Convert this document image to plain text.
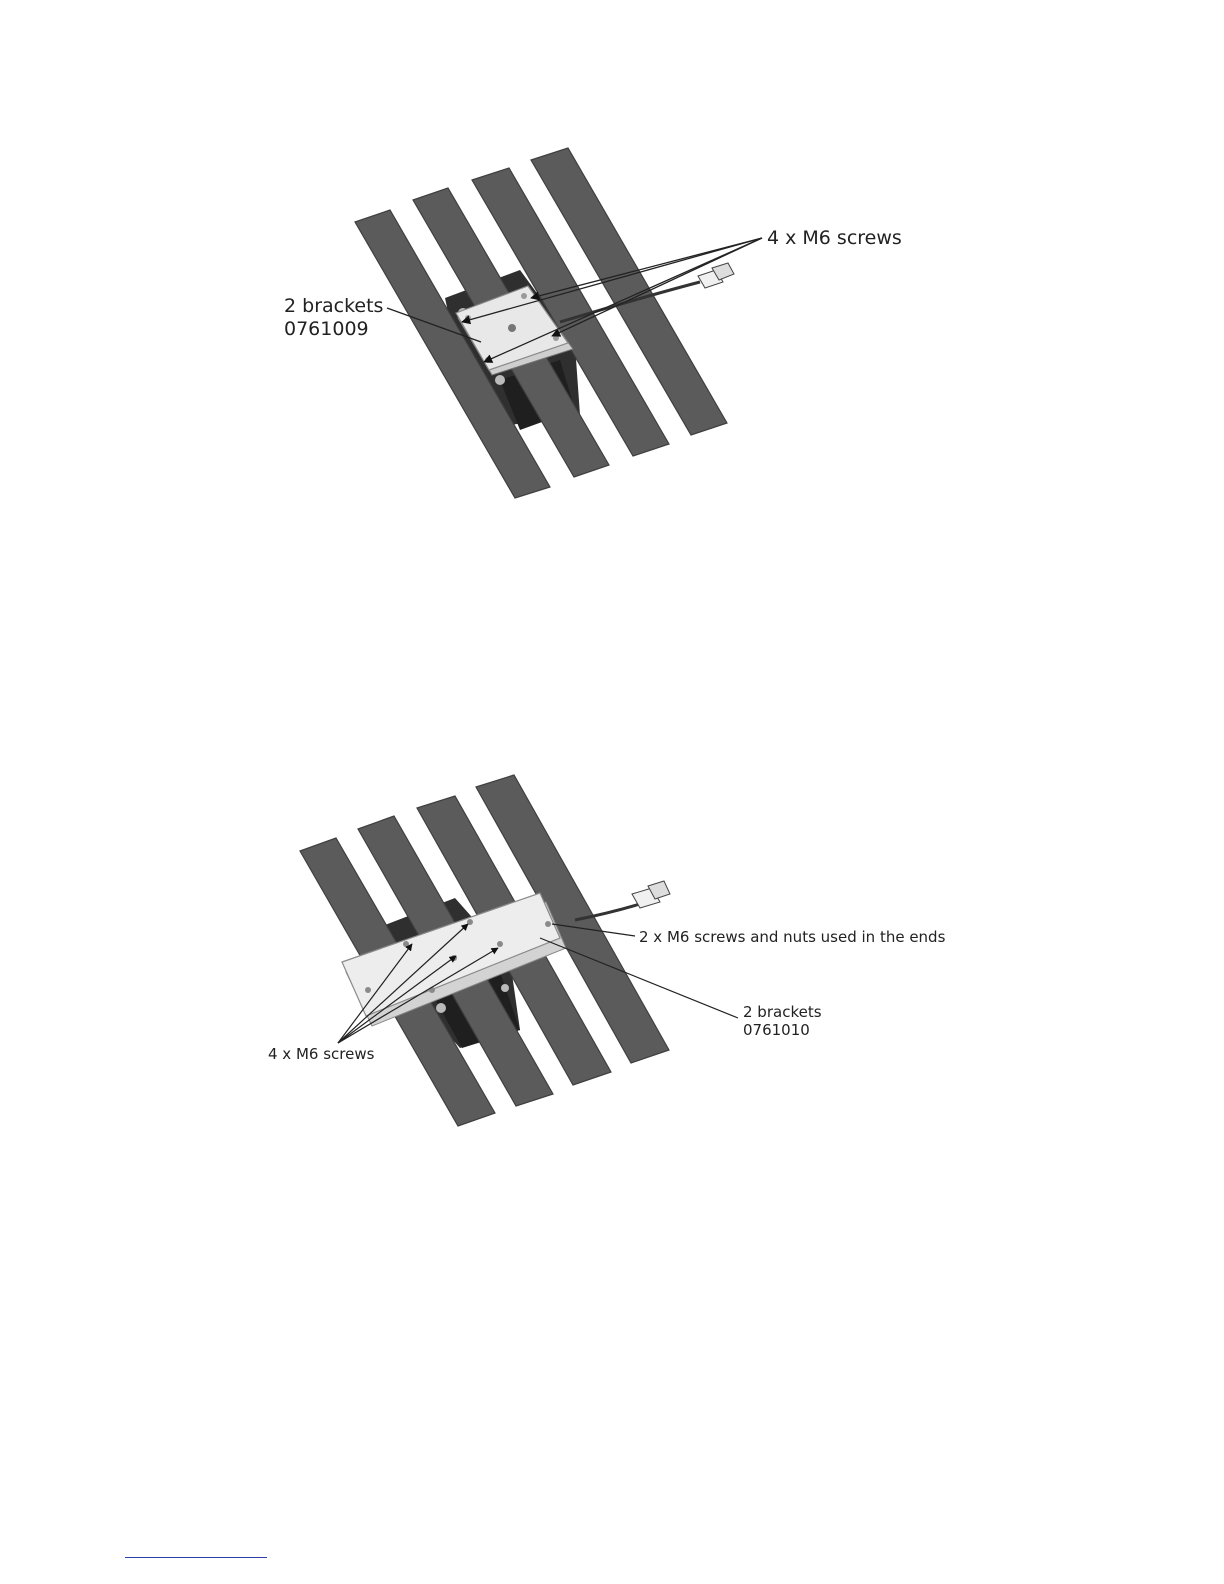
2 brackets
0761009
4 x M6 screws
2 x M6 screws and nuts used in the ends
2 brackets
0761010
4 x M6 screws
